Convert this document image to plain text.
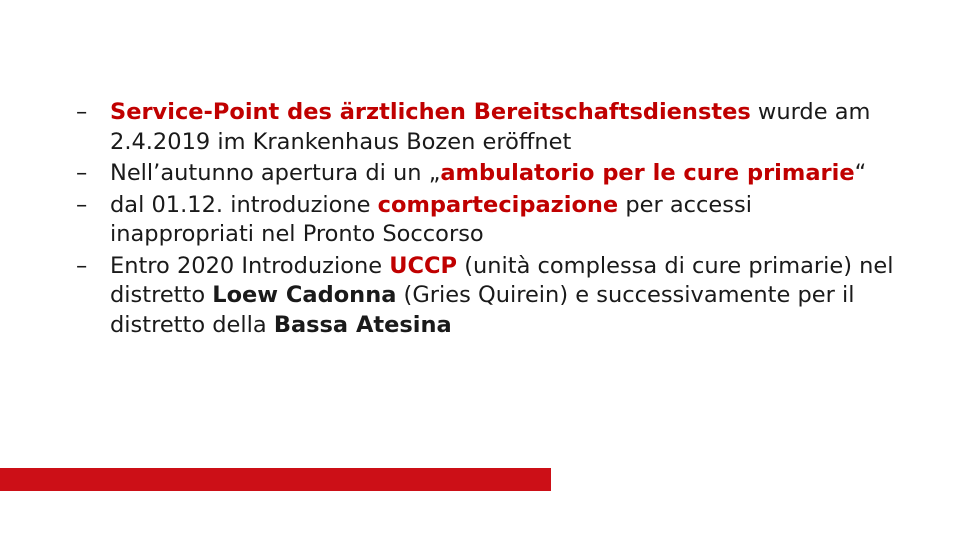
–	Service-Point des ärztlichen Bereitschaftsdienstes wurde am 2.4.2019 im Krankenhaus Bozen eröffnet
–	Nell’autunno apertura di un „ambulatorio per le cure primarie“
–	dal 01.12. introduzione compartecipazione per accessi inappropriati nel Pronto Soccorso
–	Entro 2020 Introduzione UCCP (unità complessa di cure primarie) nel distretto Loew Cadonna (Gries Quirein) e successivamente per il distretto della Bassa Atesina
